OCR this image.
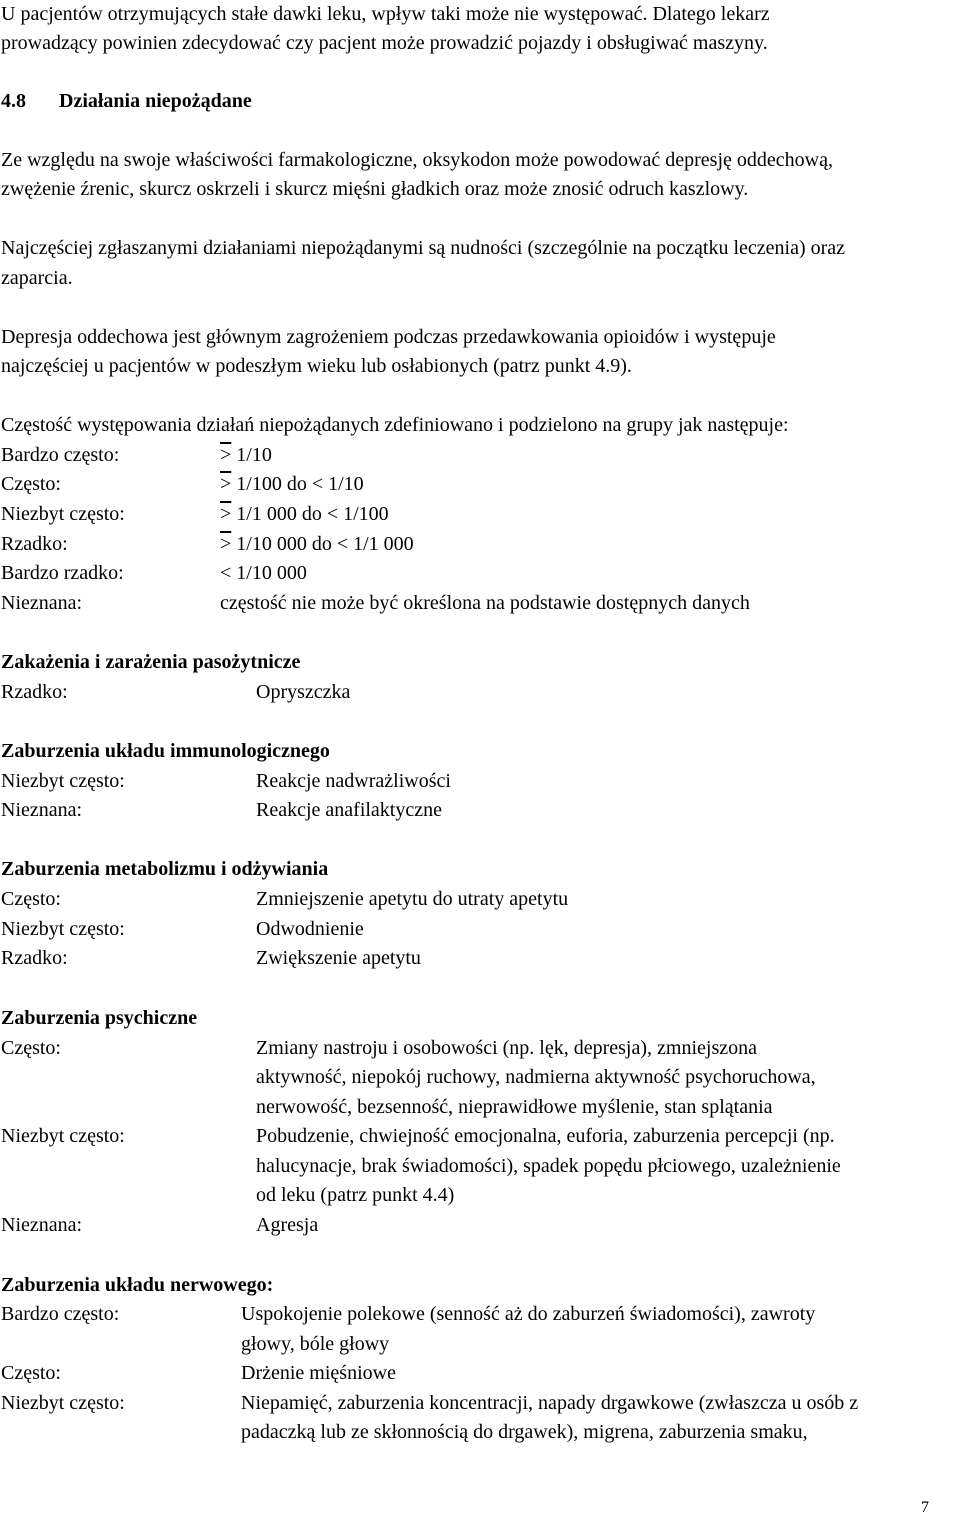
U pacjentów otrzymujących stałe dawki leku, wpływ taki może nie występować. Dlatego lekarz
prowadzący powinien zdecydować czy pacjent może prowadzić pojazdy i obsługiwać maszyny.
4.8 Działania niepożądane
Ze względu na swoje właściwości farmakologiczne, oksykodon może powodować depresję oddechową,
zwężenie źrenic, skurcz oskrzeli i skurcz mięśni gładkich oraz może znosić odruch kaszlowy.
Najczęściej zgłaszanymi działaniami niepożądanymi są nudności (szczególnie na początku leczenia) oraz
zaparcia.
Depresja oddechowa jest głównym zagrożeniem podczas przedawkowania opioidów i występuje
najczęściej u pacjentów w podeszłym wieku lub osłabionych (patrz punkt 4.9).
Częstość występowania działań niepożądanych zdefiniowano i podzielono na grupy jak następuje:
Bardzo często:	> 1/10
Często:	> 1/100 do < 1/10
Niezbyt często:	> 1/1 000 do < 1/100
Rzadko:	> 1/10 000 do < 1/1 000
Bardzo rzadko:	< 1/10 000
Nieznana:	częstość nie może być określona na podstawie dostępnych danych
Zakażenia i zarażenia pasożytnicze
Rzadko:	Opryszczka
Zaburzenia układu immunologicznego
Niezbyt często:	Reakcje nadwrażliwości
Nieznana:	Reakcje anafilaktyczne
Zaburzenia metabolizmu i odżywiania
Często:	Zmniejszenie apetytu do utraty apetytu
Niezbyt często:	Odwodnienie
Rzadko:	Zwiększenie apetytu
Zaburzenia psychiczne
Często:	Zmiany nastroju i osobowości (np. lęk, depresja), zmniejszona
aktywność, niepokój ruchowy, nadmierna aktywność psychoruchowa,
nerwowość, bezsenność, nieprawidłowe myślenie, stan splątania
Niezbyt często:	Pobudzenie, chwiejność emocjonalna, euforia, zaburzenia percepcji (np.
halucynacje, brak świadomości), spadek popędu płciowego, uzależnienie
od leku (patrz punkt 4.4)
Nieznana:	Agresja
Zaburzenia układu nerwowego:
Bardzo często:	Uspokojenie polekowe (senność aż do zaburzeń świadomości), zawroty
głowy, bóle głowy
Często:	Drżenie mięśniowe
Niezbyt często:	Niepamięć, zaburzenia koncentracji, napady drgawkowe (zwłaszcza u osób z
padaczką lub ze skłonnością do drgawek), migrena, zaburzenia smaku,
7
